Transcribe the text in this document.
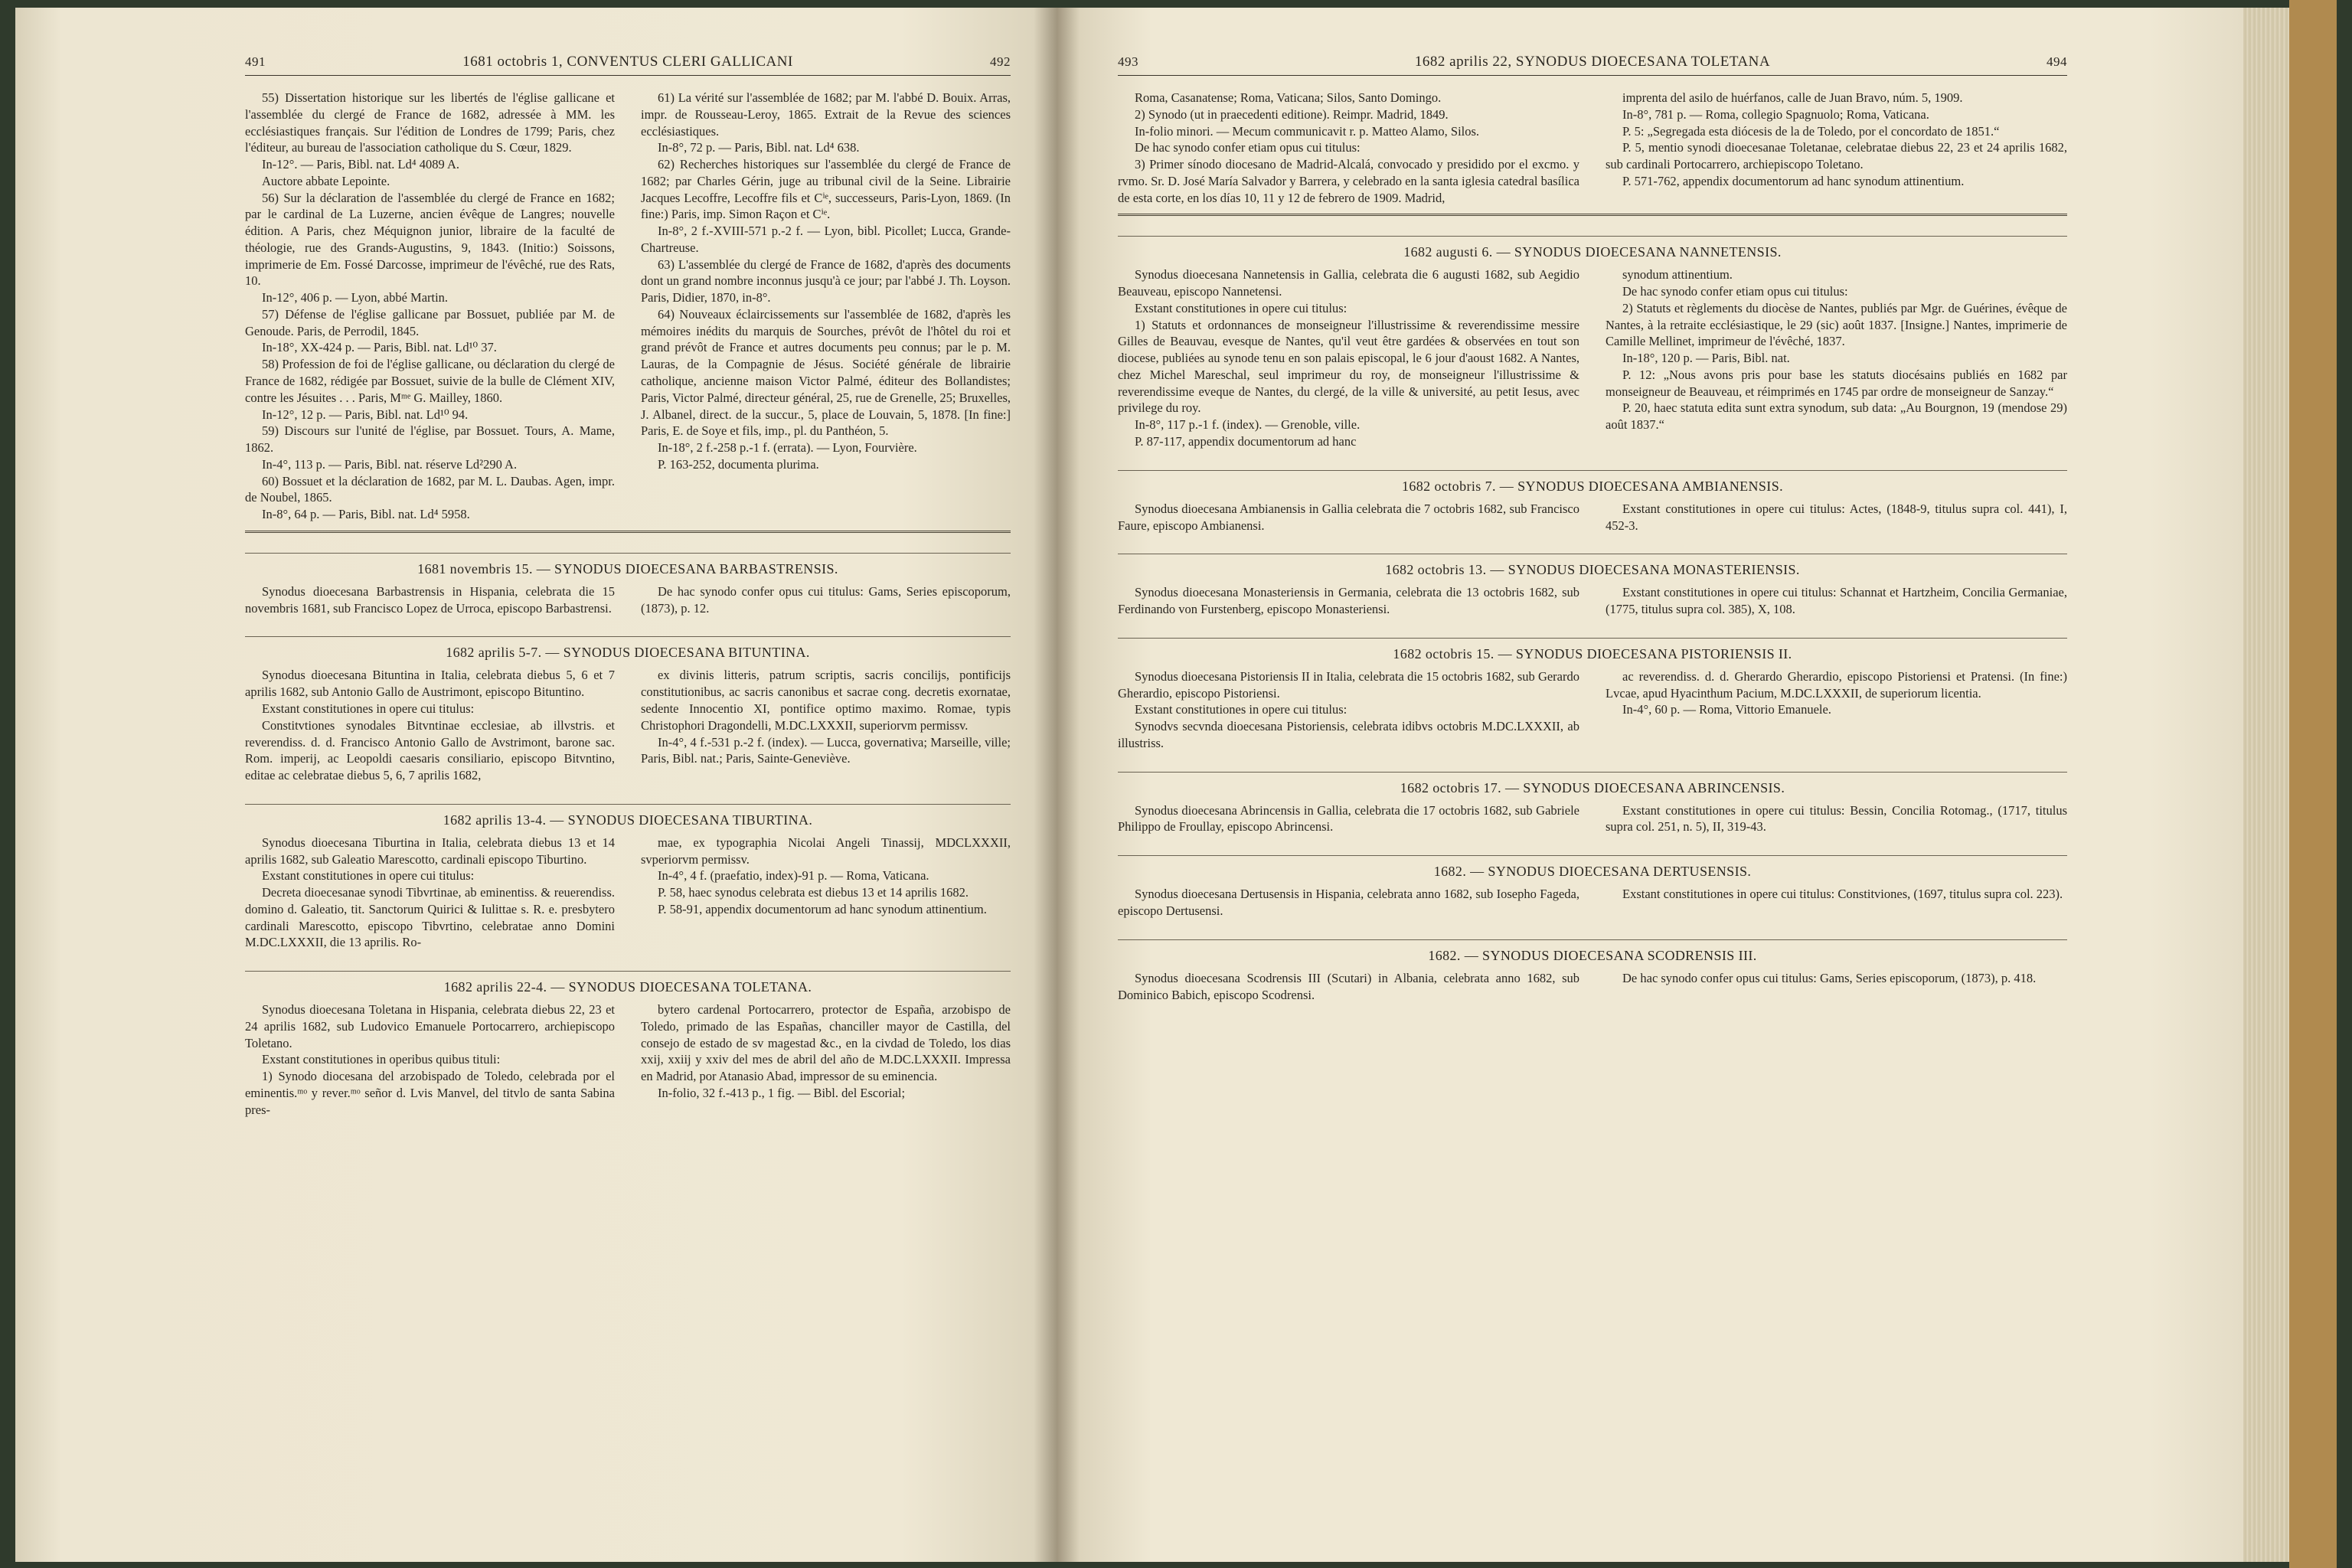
491	1681 octobris 1, CONVENTUS CLERI GALLICANI	492

55) Dissertation historique sur les libertés de l'église gallicane et l'assemblée du clergé de France de 1682, adressée à MM. les ecclésiastiques français. Sur l'édition de Londres de 1799; Paris, chez l'éditeur, au bureau de l'association catholique du S. Cœur, 1829.

In-12°. — Paris, Bibl. nat. Ld⁴ 4089 A.

Auctore abbate Lepointe.

56) Sur la déclaration de l'assemblée du clergé de France en 1682; par le cardinal de La Luzerne, ancien évêque de Langres; nouvelle édition. A Paris, chez Méquignon junior, libraire de la faculté de théologie, rue des Grands-Augustins, 9, 1843. (Initio:) Soissons, imprimerie de Em. Fossé Darcosse, imprimeur de l'évêché, rue des Rats, 10.

In-12°, 406 p. — Lyon, abbé Martin.

57) Défense de l'église gallicane par Bossuet, publiée par M. de Genoude. Paris, de Perrodil, 1845.

In-18°, XX-424 p. — Paris, Bibl. nat. Ld¹⁰ 37.

58) Profession de foi de l'église gallicane, ou déclaration du clergé de France de 1682, rédigée par Bossuet, suivie de la bulle de Clément XIV, contre les Jésuites . . . Paris, Mᵐᵉ G. Mailley, 1860.

In-12°, 12 p. — Paris, Bibl. nat. Ld¹⁰ 94.

59) Discours sur l'unité de l'église, par Bossuet. Tours, A. Mame, 1862.

In-4°, 113 p. — Paris, Bibl. nat. réserve Ld²290 A.

60) Bossuet et la déclaration de 1682, par M. L. Daubas. Agen, impr. de Noubel, 1865.

In-8°, 64 p. — Paris, Bibl. nat. Ld⁴ 5958.

61) La vérité sur l'assemblée de 1682; par M. l'abbé D. Bouix. Arras, impr. de Rousseau-Leroy, 1865. Extrait de la Revue des sciences ecclésiastiques.

In-8°, 72 p. — Paris, Bibl. nat. Ld⁴ 638.

62) Recherches historiques sur l'assemblée du clergé de France de 1682; par Charles Gérin, juge au tribunal civil de la Seine. Librairie Jacques Lecoffre, Lecoffre fils et Cⁱᵉ, successeurs, Paris-Lyon, 1869. (In fine:) Paris, imp. Simon Raçon et Cⁱᵉ.

In-8°, 2 f.-XVIII-571 p.-2 f. — Lyon, bibl. Picollet; Lucca, Grande-Chartreuse.

63) L'assemblée du clergé de France de 1682, d'après des documents dont un grand nombre inconnus jusqu'à ce jour; par l'abbé J. Th. Loyson. Paris, Didier, 1870, in-8°.

64) Nouveaux éclaircissements sur l'assemblée de 1682, d'après les mémoires inédits du marquis de Sourches, prévôt de l'hôtel du roi et grand prévôt de France et autres documents peu connus; par le p. M. Lauras, de la Compagnie de Jésus. Société générale de librairie catholique, ancienne maison Victor Palmé, éditeur des Bollandistes; Paris, Victor Palmé, directeur général, 25, rue de Grenelle, 25; Bruxelles, J. Albanel, direct. de la succur., 5, place de Louvain, 5, 1878. [In fine:] Paris, E. de Soye et fils, imp., pl. du Panthéon, 5.

In-18°, 2 f.-258 p.-1 f. (errata). — Lyon, Fourvière.

P. 163-252, documenta plurima.

1681 novembris 15. — SYNODUS DIOECESANA BARBASTRENSIS.

Synodus dioecesana Barbastrensis in Hispania, celebrata die 15 novembris 1681, sub Francisco Lopez de Urroca, episcopo Barbastrensi.

De hac synodo confer opus cui titulus: Gams, Series episcoporum, (1873), p. 12.

1682 aprilis 5-7. — SYNODUS DIOECESANA BITUNTINA.

Synodus dioecesana Bituntina in Italia, celebrata diebus 5, 6 et 7 aprilis 1682, sub Antonio Gallo de Austrimont, episcopo Bituntino.

Exstant constitutiones in opere cui titulus:

Constitvtiones synodales Bitvntinae ecclesiae, ab illvstris. et reverendiss. d. d. Francisco Antonio Gallo de Avstrimont, barone sac. Rom. imperij, ac Leopoldi caesaris consiliario, episcopo Bitvntino, editae ac celebratae diebus 5, 6, 7 aprilis 1682,

ex divinis litteris, patrum scriptis, sacris concilijs, pontificijs constitutionibus, ac sacris canonibus et sacrae cong. decretis exornatae, sedente Innocentio XI, pontifice optimo maximo. Romae, typis Christophori Dragondelli, M.DC.LXXXII, superiorvm permissv.

In-4°, 4 f.-531 p.-2 f. (index). — Lucca, governativa; Marseille, ville; Paris, Bibl. nat.; Paris, Sainte-Geneviève.

1682 aprilis 13-4. — SYNODUS DIOECESANA TIBURTINA.

Synodus dioecesana Tiburtina in Italia, celebrata diebus 13 et 14 aprilis 1682, sub Galeatio Marescotto, cardinali episcopo Tiburtino.

Exstant constitutiones in opere cui titulus:

Decreta dioecesanae synodi Tibvrtinae, ab eminentiss. & reuerendiss. domino d. Galeatio, tit. Sanctorum Quirici & Iulittae s. R. e. presbytero cardinali Marescotto, episcopo Tibvrtino, celebratae anno Domini M.DC.LXXXII, die 13 aprilis. Ro-

mae, ex typographia Nicolai Angeli Tinassij, MDCLXXXII, svperiorvm permissv.

In-4°, 4 f. (praefatio, index)-91 p. — Roma, Vaticana.

P. 58, haec synodus celebrata est diebus 13 et 14 aprilis 1682.

P. 58-91, appendix documentorum ad hanc synodum attinentium.

1682 aprilis 22-4. — SYNODUS DIOECESANA TOLETANA.

Synodus dioecesana Toletana in Hispania, celebrata diebus 22, 23 et 24 aprilis 1682, sub Ludovico Emanuele Portocarrero, archiepiscopo Toletano.

Exstant constitutiones in operibus quibus tituli:

1) Synodo diocesana del arzobispado de Toledo, celebrada por el eminentis.ᵐᵒ y rever.ᵐᵒ señor d. Lvis Manvel, del titvlo de santa Sabina pres-

bytero cardenal Portocarrero, protector de España, arzobispo de Toledo, primado de las Españas, chanciller mayor de Castilla, del consejo de estado de sv magestad &c., en la civdad de Toledo, los dias xxij, xxiij y xxiv del mes de abril del año de M.DC.LXXXII. Impressa en Madrid, por Atanasio Abad, impressor de su eminencia.

In-folio, 32 f.-413 p., 1 fig. — Bibl. del Escorial;

493	1682 aprilis 22, SYNODUS DIOECESANA TOLETANA	494

Roma, Casanatense; Roma, Vaticana; Silos, Santo Domingo.

2) Synodo (ut in praecedenti editione). Reimpr. Madrid, 1849.

In-folio minori. — Mecum communicavit r. p. Matteo Alamo, Silos.

De hac synodo confer etiam opus cui titulus:

3) Primer sínodo diocesano de Madrid-Alcalá, convocado y presidido por el excmo. y rvmo. Sr. D. José María Salvador y Barrera, y celebrado en la santa iglesia catedral basílica de esta corte, en los días 10, 11 y 12 de febrero de 1909. Madrid,

imprenta del asilo de huérfanos, calle de Juan Bravo, núm. 5, 1909.

In-8°, 781 p. — Roma, collegio Spagnuolo; Roma, Vaticana.

P. 5: „Segregada esta diócesis de la de Toledo, por el concordato de 1851.“

P. 5, mentio synodi dioecesanae Toletanae, celebratae diebus 22, 23 et 24 aprilis 1682, sub cardinali Portocarrero, archiepiscopo Toletano.

P. 571-762, appendix documentorum ad hanc synodum attinentium.

1682 augusti 6. — SYNODUS DIOECESANA NANNETENSIS.

Synodus dioecesana Nannetensis in Gallia, celebrata die 6 augusti 1682, sub Aegidio Beauveau, episcopo Nannetensi.

Exstant constitutiones in opere cui titulus:

1) Statuts et ordonnances de monseigneur l'illustrissime & reverendissime messire Gilles de Beauvau, evesque de Nantes, qu'il veut être gardées & observées en tout son diocese, publiées au synode tenu en son palais episcopal, le 6 jour d'aoust 1682. A Nantes, chez Michel Mareschal, seul imprimeur du roy, de monseigneur l'illustrissime & reverendissime eveque de Nantes, du clergé, de la ville & université, au petit Iesus, avec privilege du roy.

In-8°, 117 p.-1 f. (index). — Grenoble, ville.

P. 87-117, appendix documentorum ad hanc

synodum attinentium.

De hac synodo confer etiam opus cui titulus:

2) Statuts et règlements du diocèse de Nantes, publiés par Mgr. de Guérines, évêque de Nantes, à la retraite ecclésiastique, le 29 (sic) août 1837. [Insigne.] Nantes, imprimerie de Camille Mellinet, imprimeur de l'évêché, 1837.

In-18°, 120 p. — Paris, Bibl. nat.

P. 12: „Nous avons pris pour base les statuts diocésains publiés en 1682 par monseigneur de Beauveau, et réimprimés en 1745 par ordre de monseigneur de Sanzay.“

P. 20, haec statuta edita sunt extra synodum, sub data: „Au Bourgnon, 19 (mendose 29) août 1837.“

1682 octobris 7. — SYNODUS DIOECESANA AMBIANENSIS.

Synodus dioecesana Ambianensis in Gallia celebrata die 7 octobris 1682, sub Francisco Faure, episcopo Ambianensi.

Exstant constitutiones in opere cui titulus: Actes, (1848-9, titulus supra col. 441), I, 452-3.

1682 octobris 13. — SYNODUS DIOECESANA MONASTERIENSIS.

Synodus dioecesana Monasteriensis in Germania, celebrata die 13 octobris 1682, sub Ferdinando von Furstenberg, episcopo Monasteriensi.

Exstant constitutiones in opere cui titulus: Schannat et Hartzheim, Concilia Germaniae, (1775, titulus supra col. 385), X, 108.

1682 octobris 15. — SYNODUS DIOECESANA PISTORIENSIS II.

Synodus dioecesana Pistoriensis II in Italia, celebrata die 15 octobris 1682, sub Gerardo Gherardio, episcopo Pistoriensi.

Exstant constitutiones in opere cui titulus:

Synodvs secvnda dioecesana Pistoriensis, celebrata idibvs octobris M.DC.LXXXII, ab illustriss.

ac reverendiss. d. d. Gherardo Gherardio, episcopo Pistoriensi et Pratensi. (In fine:) Lvcae, apud Hyacinthum Pacium, M.DC.LXXXII, de superiorum licentia.

In-4°, 60 p. — Roma, Vittorio Emanuele.

1682 octobris 17. — SYNODUS DIOECESANA ABRINCENSIS.

Synodus dioecesana Abrincensis in Gallia, celebrata die 17 octobris 1682, sub Gabriele Philippo de Froullay, episcopo Abrincensi.

Exstant constitutiones in opere cui titulus: Bessin, Concilia Rotomag., (1717, titulus supra col. 251, n. 5), II, 319-43.

1682. — SYNODUS DIOECESANA DERTUSENSIS.

Synodus dioecesana Dertusensis in Hispania, celebrata anno 1682, sub Iosepho Fageda, episcopo Dertusensi.

Exstant constitutiones in opere cui titulus: Constitviones, (1697, titulus supra col. 223).

1682. — SYNODUS DIOECESANA SCODRENSIS III.

Synodus dioecesana Scodrensis III (Scutari) in Albania, celebrata anno 1682, sub Dominico Babich, episcopo Scodrensi.

De hac synodo confer opus cui titulus: Gams, Series episcoporum, (1873), p. 418.
